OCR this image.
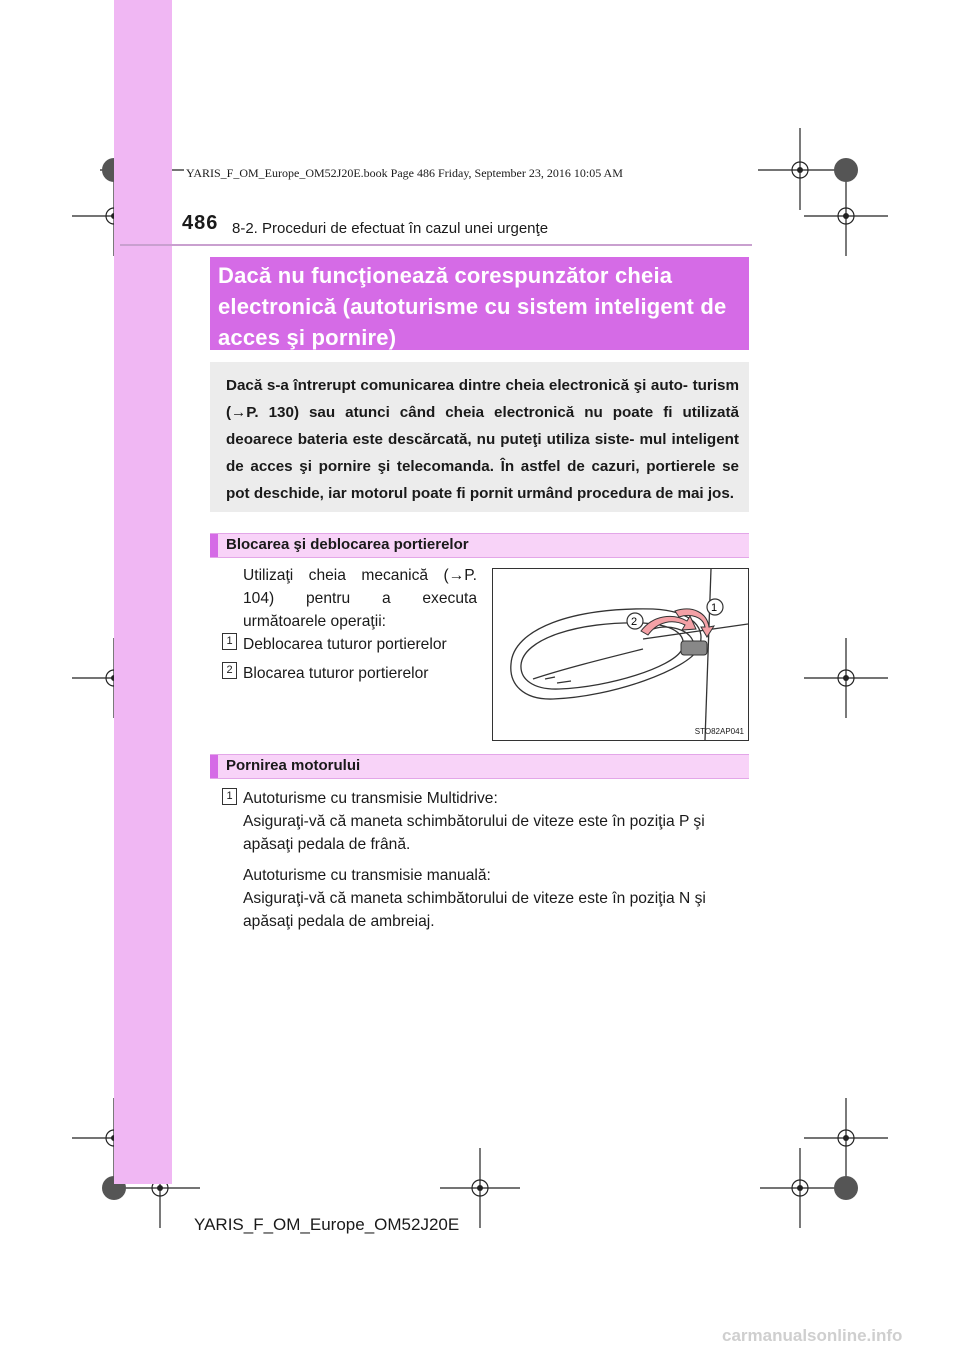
YARIS_F_OM_Europe_OM52J20E.book Page 486 Friday, September 23, 2016 10:05 AM
486 8-2. Proceduri de efectuat în cazul unei urgenţe
Dacă nu funcţionează corespunzător cheia electronică (autoturisme cu sistem inteligent de acces şi pornire)
Dacă s-a întrerupt comunicarea dintre cheia electronică şi auto- turism (→P. 130) sau atunci când cheia electronică nu poate fi utilizată deoarece bateria este descărcată, nu puteţi utiliza siste- mul inteligent de acces şi pornire şi telecomanda. În astfel de cazuri, portierele se pot deschide, iar motorul poate fi pornit urmând procedura de mai jos.
Blocarea şi deblocarea portierelor
Utilizaţi cheia mecanică (→P. 104) pentru a executa următoarele operaţii:
1 Deblocarea tuturor portierelor
2 Blocarea tuturor portierelor
2
1
STO82AP041
Pornirea motorului
1 Autoturisme cu transmisie Multidrive:
Asiguraţi-vă că maneta schimbătorului de viteze este în poziţia P şi
apăsaţi pedala de frână.
Autoturisme cu transmisie manuală:
Asiguraţi-vă că maneta schimbătorului de viteze este în poziţia N şi
apăsaţi pedala de ambreiaj.
YARIS_F_OM_Europe_OM52J20E
carmanualsonline.info
